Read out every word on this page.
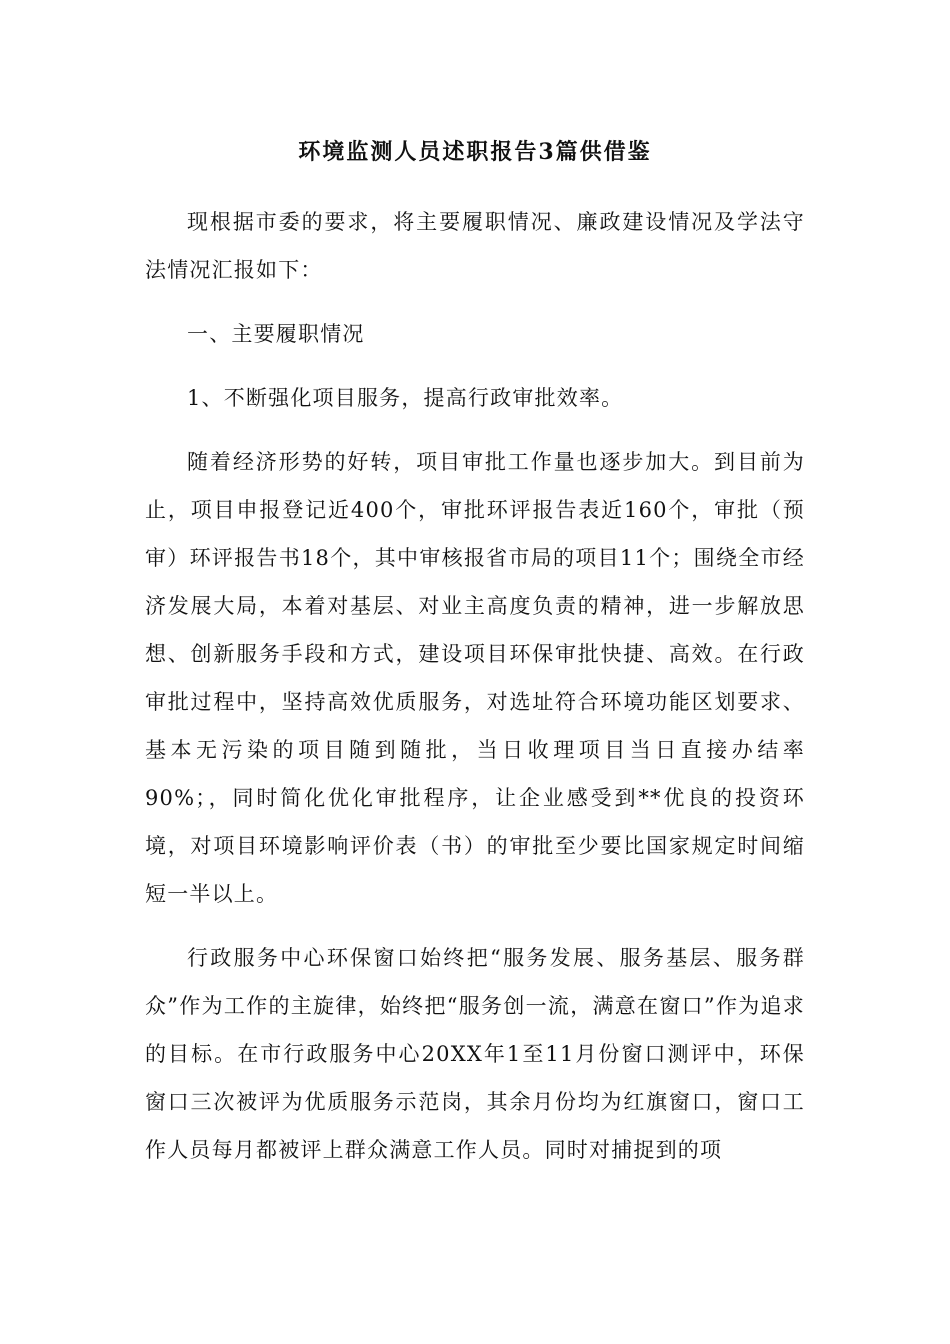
环境监测人员述职报告3篇供借鉴

现根据市委的要求，将主要履职情况、廉政建设情况及学法守法情况汇报如下：

一、主要履职情况

1、不断强化项目服务，提高行政审批效率。

随着经济形势的好转，项目审批工作量也逐步加大。到目前为止，项目申报登记近400个，审批环评报告表近160个，审批（预审）环评报告书18个，其中审核报省市局的项目11个；围绕全市经济发展大局，本着对基层、对业主高度负责的精神，进一步解放思想、创新服务手段和方式，建设项目环保审批快捷、高效。在行政审批过程中，坚持高效优质服务，对选址符合环境功能区划要求、基本无污染的项目随到随批，当日收理项目当日直接办结率90%；，同时简化优化审批程序，让企业感受到**优良的投资环境，对项目环境影响评价表（书）的审批至少要比国家规定时间缩短一半以上。

行政服务中心环保窗口始终把“服务发展、服务基层、服务群众”作为工作的主旋律，始终把“服务创一流，满意在窗口”作为追求的目标。在市行政服务中心20XX年1至11月份窗口测评中，环保窗口三次被评为优质服务示范岗，其余月份均为红旗窗口，窗口工作人员每月都被评上群众满意工作人员。同时对捕捉到的项
